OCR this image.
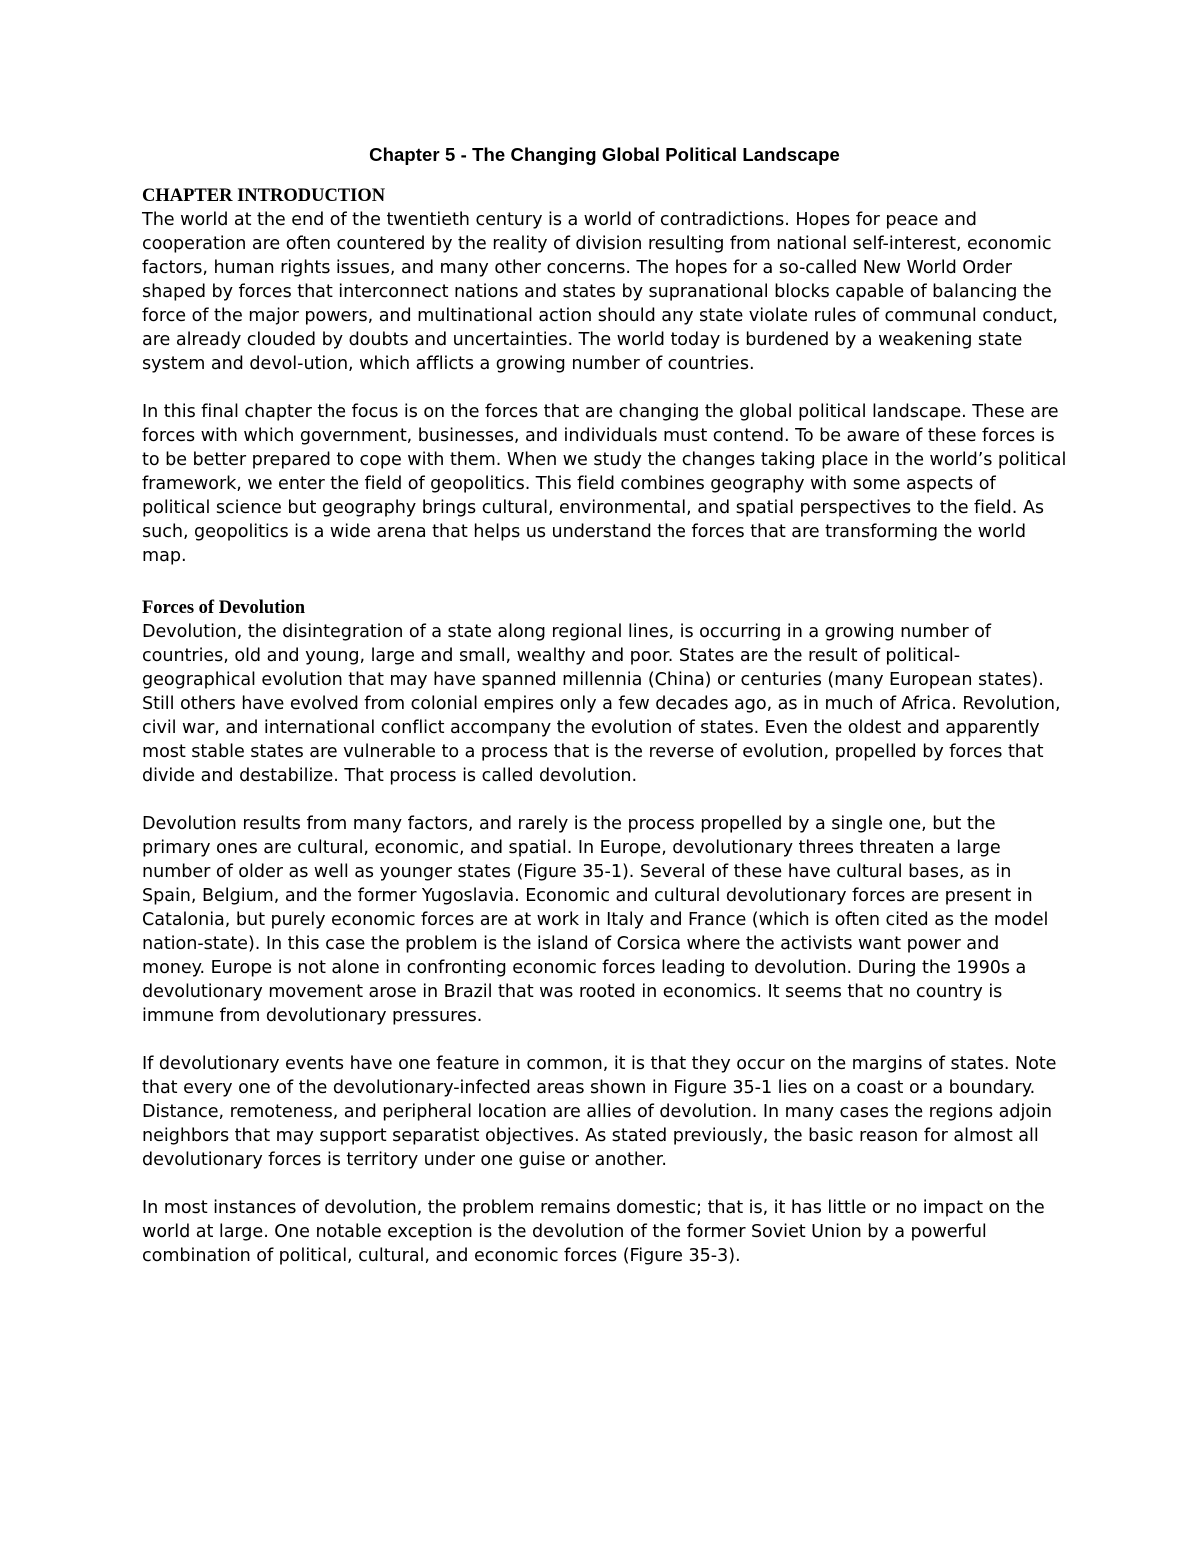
Chapter 5 - The Changing Global Political Landscape
CHAPTER INTRODUCTION

The world at the end of the twentieth century is a world of contradictions. Hopes for peace and cooperation are often countered by the reality of division resulting from national self-interest, economic factors, human rights issues, and many other concerns. The hopes for a so-called New World Order shaped by forces that interconnect nations and states by supranational blocks capable of balancing the force of the major powers, and multinational action should any state violate rules of communal conduct, are already clouded by doubts and uncertainties. The world today is burdened by a weakening state system and devol-ution, which afflicts a growing number of countries.

In this final chapter the focus is on the forces that are changing the global political landscape. These are forces with which government, businesses, and individuals must contend. To be aware of these forces is to be better prepared to cope with them. When we study the changes taking place in the world’s political framework, we enter the field of geopolitics. This field combines geography with some aspects of political science but geography brings cultural, environmental, and spatial perspectives to the field. As such, geopolitics is a wide arena that helps us understand the forces that are transforming the world map.

Forces of Devolution

Devolution, the disintegration of a state along regional lines, is occurring in a growing number of countries, old and young, large and small, wealthy and poor. States are the result of political-geographical evolution that may have spanned millennia (China) or centuries (many European states). Still others have evolved from colonial empires only a few decades ago, as in much of Africa. Revolution, civil war, and international conflict accompany the evolution of states. Even the oldest and apparently most stable states are vulnerable to a process that is the reverse of evolution, propelled by forces that divide and destabilize. That process is called devolution.

Devolution results from many factors, and rarely is the process propelled by a single one, but the primary ones are cultural, economic, and spatial. In Europe, devolutionary threes threaten a large number of older as well as younger states (Figure 35-1). Several of these have cultural bases, as in Spain, Belgium, and the former Yugoslavia. Economic and cultural devolutionary forces are present in Catalonia, but purely economic forces are at work in Italy and France (which is often cited as the model nation-state). In this case the problem is the island of Corsica where the activists want power and money. Europe is not alone in confronting economic forces leading to devolution. During the 1990s a devolutionary movement arose in Brazil that was rooted in economics. It seems that no country is immune from devolutionary pressures.

If devolutionary events have one feature in common, it is that they occur on the margins of states. Note that every one of the devolutionary-infected areas shown in Figure 35-1 lies on a coast or a boundary. Distance, remoteness, and peripheral location are allies of devolution. In many cases the regions adjoin neighbors that may support separatist objectives. As stated previously, the basic reason for almost all devolutionary forces is territory under one guise or another.

In most instances of devolution, the problem remains domestic; that is, it has little or no impact on the world at large. One notable exception is the devolution of the former Soviet Union by a powerful combination of political, cultural, and economic forces (Figure 35-3).
